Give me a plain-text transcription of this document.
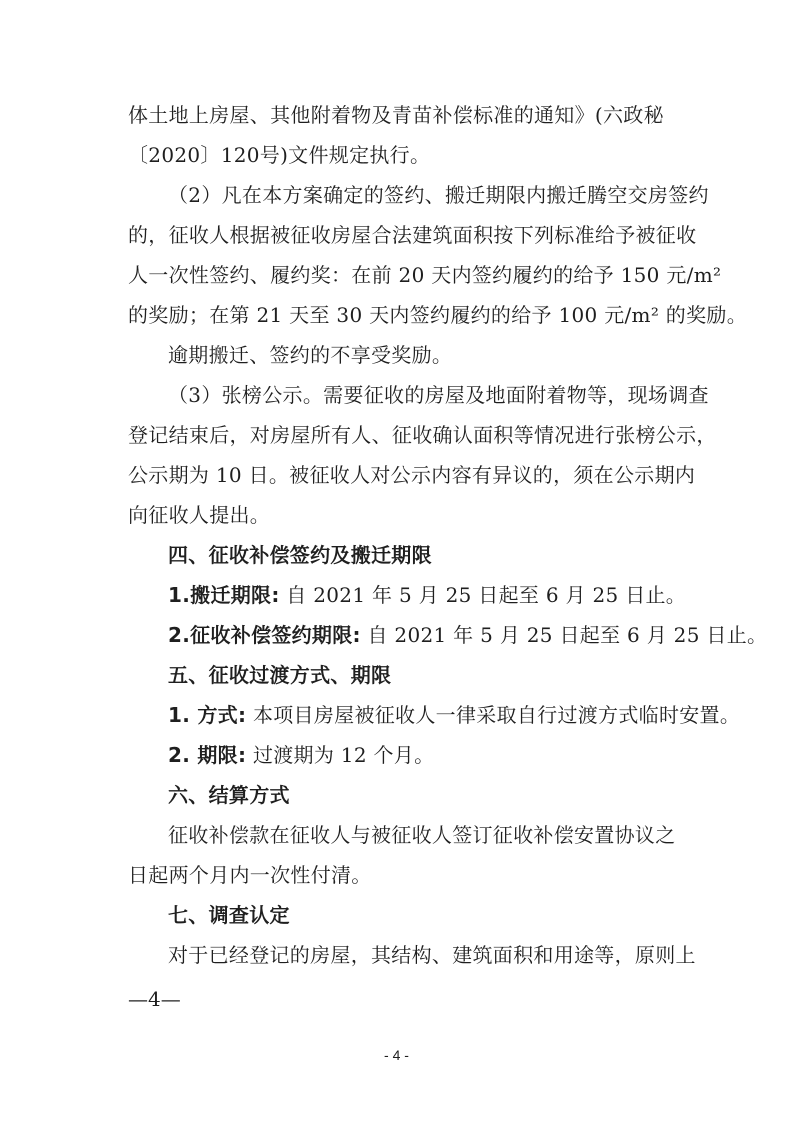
体土地上房屋、其他附着物及青苗补偿标准的通知》(六政秘
〔2020〕120号)文件规定执行。
（2）凡在本方案确定的签约、搬迁期限内搬迁腾空交房签约
的，征收人根据被征收房屋合法建筑面积按下列标准给予被征收
人一次性签约、履约奖：在前 20 天内签约履约的给予 150 元/m²
的奖励；在第 21 天至 30 天内签约履约的给予 100 元/m² 的奖励。
逾期搬迁、签约的不享受奖励。
（3）张榜公示。需要征收的房屋及地面附着物等，现场调查
登记结束后，对房屋所有人、征收确认面积等情况进行张榜公示，
公示期为 10 日。被征收人对公示内容有异议的，须在公示期内
向征收人提出。
四、征收补偿签约及搬迁期限
1.搬迁期限: 自 2021 年 5 月 25 日起至 6 月 25 日止。
2.征收补偿签约期限: 自 2021 年 5 月 25 日起至 6 月 25 日止。
五、征收过渡方式、期限
1. 方式: 本项目房屋被征收人一律采取自行过渡方式临时安置。
2. 期限: 过渡期为 12 个月。
六、结算方式
征收补偿款在征收人与被征收人签订征收补偿安置协议之
日起两个月内一次性付清。
七、调查认定
对于已经登记的房屋，其结构、建筑面积和用途等，原则上
—4—
- 4 -
